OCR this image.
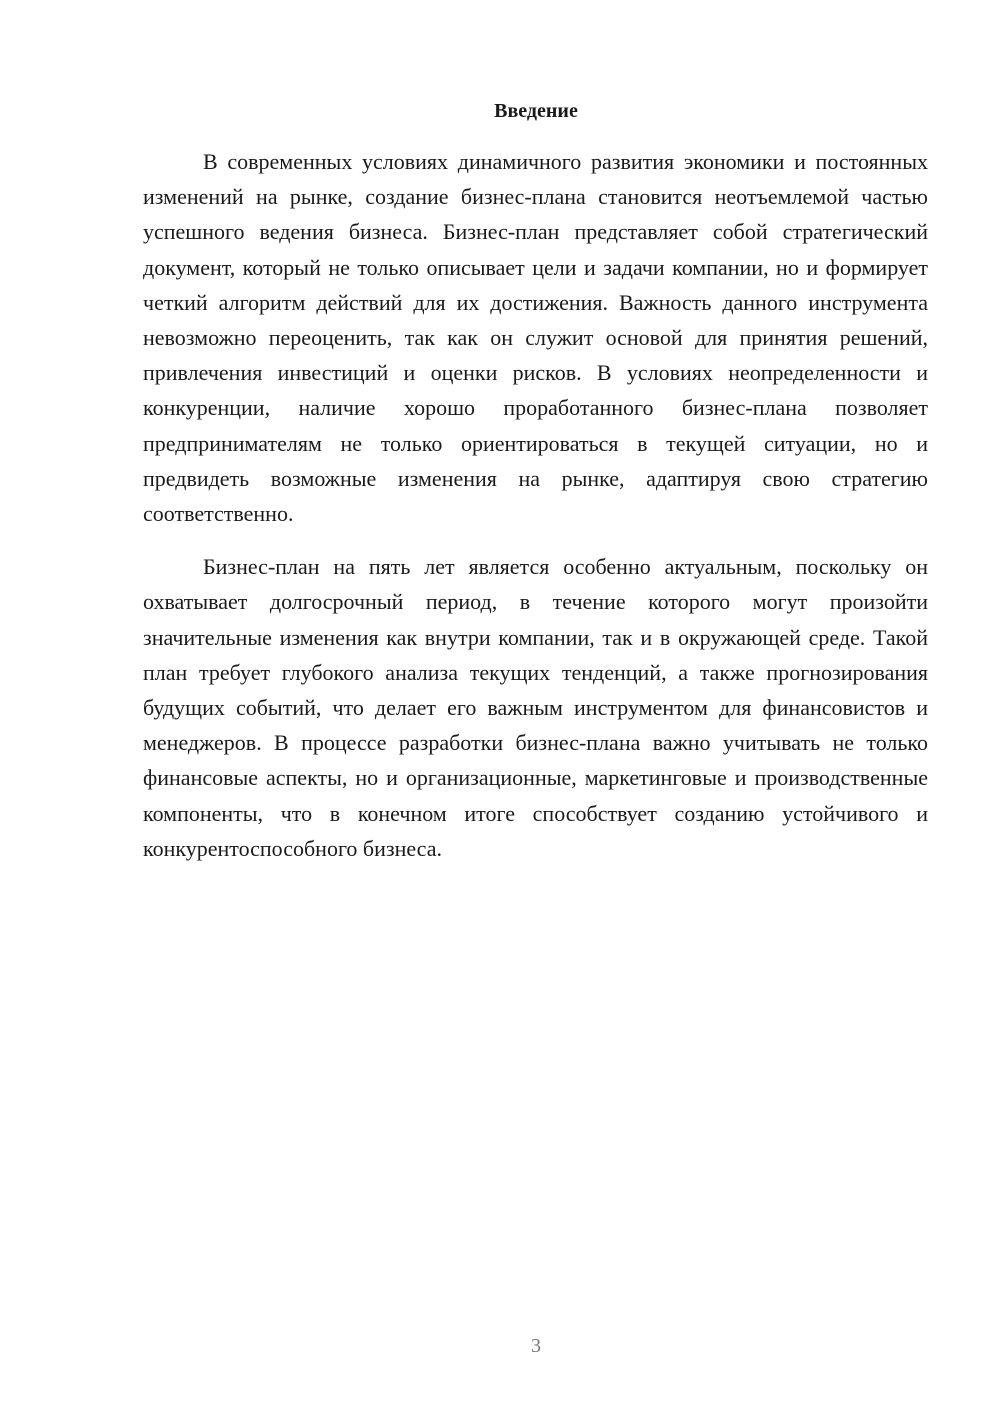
Введение

В современных условиях динамичного развития экономики и постоянных изменений на рынке, создание бизнес-плана становится неотъемлемой частью успешного ведения бизнеса. Бизнес-план представляет собой стратегический документ, который не только описывает цели и задачи компании, но и формирует четкий алгоритм действий для их достижения. Важность данного инструмента невозможно переоценить, так как он служит основой для принятия решений, привлечения инвестиций и оценки рисков. В условиях неопределенности и конкуренции, наличие хорошо проработанного бизнес-плана позволяет предпринимателям не только ориентироваться в текущей ситуации, но и предвидеть возможные изменения на рынке, адаптируя свою стратегию соответственно.

Бизнес-план на пять лет является особенно актуальным, поскольку он охватывает долгосрочный период, в течение которого могут произойти значительные изменения как внутри компании, так и в окружающей среде. Такой план требует глубокого анализа текущих тенденций, а также прогнозирования будущих событий, что делает его важным инструментом для финансовистов и менеджеров. В процессе разработки бизнес-плана важно учитывать не только финансовые аспекты, но и организационные, маркетинговые и производственные компоненты, что в конечном итоге способствует созданию устойчивого и конкурентоспособного бизнеса.

3
